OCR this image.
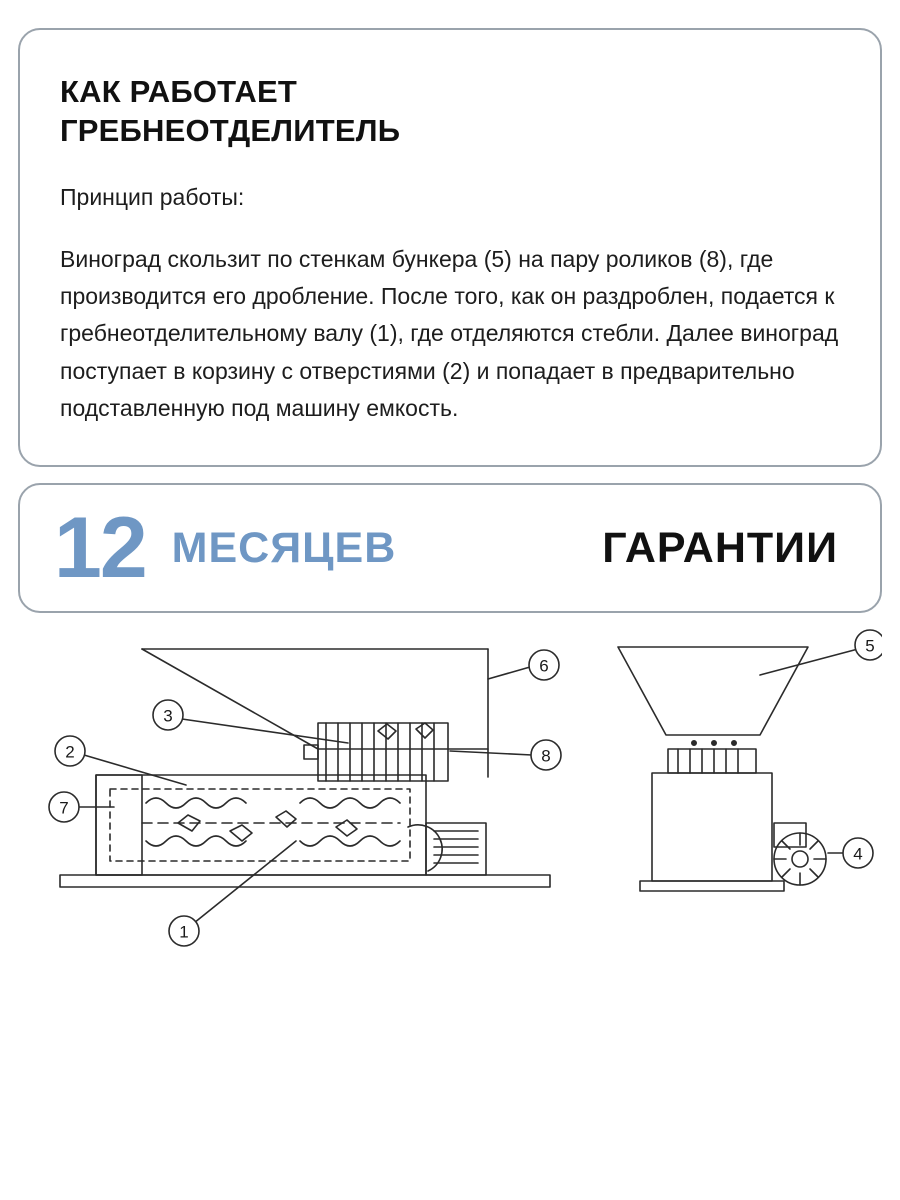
КАК РАБОТАЕТ
ГРЕБНЕОТДЕЛИТЕЛЬ

Принцип работы:

Виноград скользит по стенкам бункера (5) на пару роликов (8), где производится его дробление. После того, как он раздроблен, подается к гребнеотделительному валу (1), где отделяются стебли. Далее виноград поступает в корзину с отверстиями (2) и попадает в предварительно подставленную под машину емкость.

12 МЕСЯЦЕВ	ГАРАНТИИ
1
2
3
4
5
6
7
8
